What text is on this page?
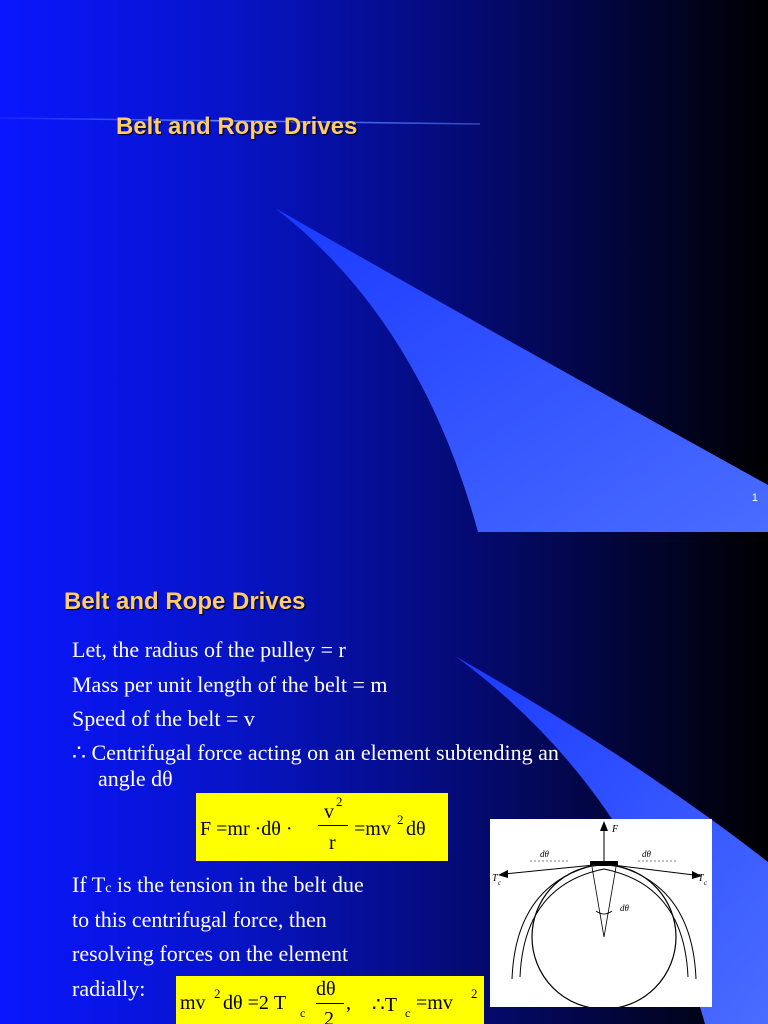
Belt and Rope Drives
1
Belt and Rope Drives
Let, the radius of the pulley = r
Mass per unit length of the belt = m
Speed of the belt = v
∴ Centrifugal force acting on an element subtending an
angle dθ
F =mr ·dθ ·
v 2
r
=mv 2 dθ
If Tc is the tension in the belt due
to this centrifugal force, then
resolving forces on the element
radially:
mv 2 dθ =2 T c
dθ
2
, ∴T c =mv 2
F
T c	T c
dθ	dθ
dθ
